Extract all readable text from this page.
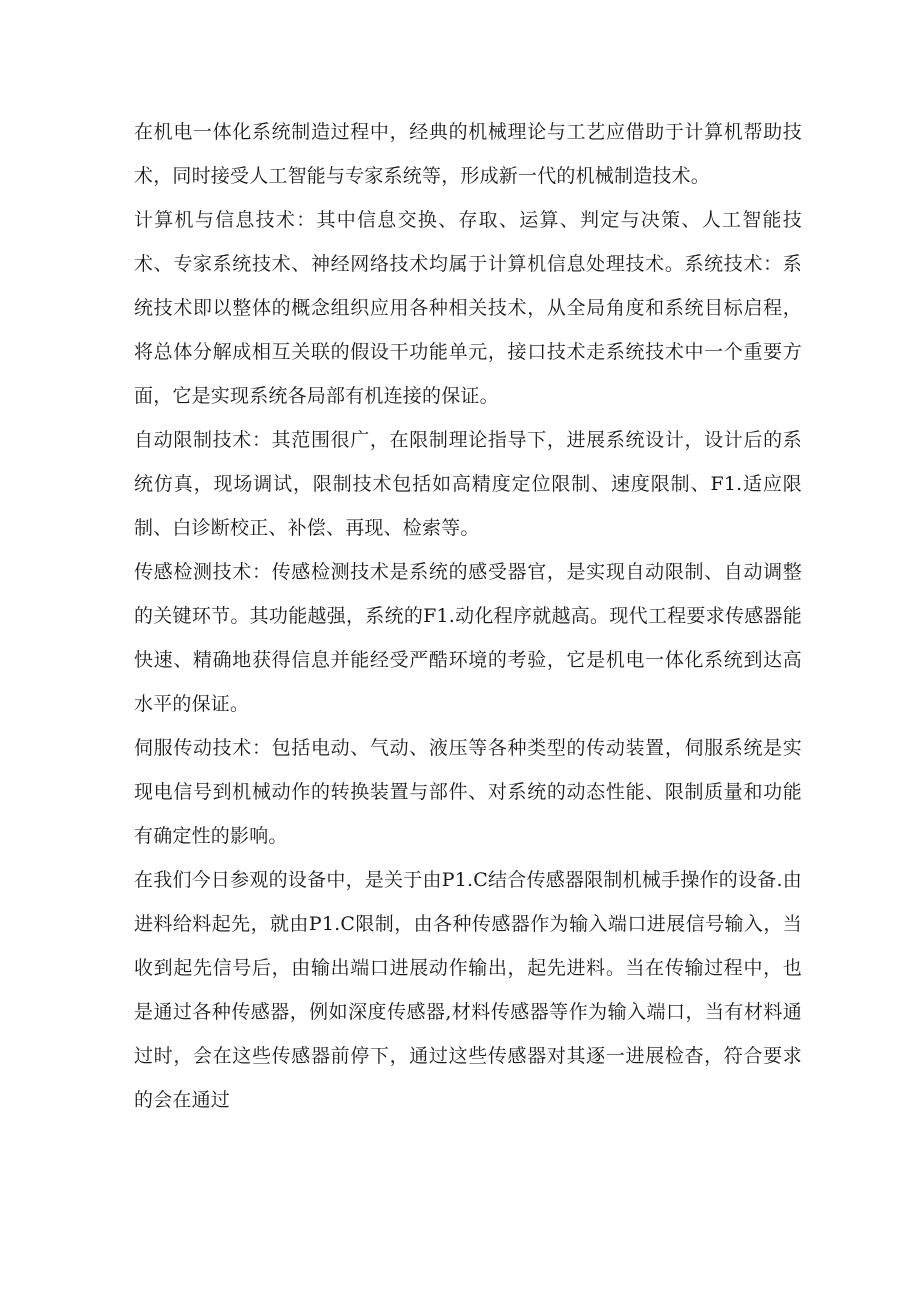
在机电一体化系统制造过程中，经典的机械理论与工艺应借助于计算机帮助技术，同时接受人工智能与专家系统等，形成新一代的机械制造技术。

计算机与信息技术：其中信息交换、存取、运算、判定与决策、人工智能技术、专家系统技术、神经网络技术均属于计算机信息处理技术。系统技术：系统技术即以整体的概念组织应用各种相关技术，从全局角度和系统目标启程，将总体分解成相互关联的假设干功能单元，接口技术走系统技术中一个重要方面，它是实现系统各局部有机连接的保证。

自动限制技术：其范围很广，在限制理论指导下，进展系统设计，设计后的系统仿真，现场调试，限制技术包括如高精度定位限制、速度限制、F1.适应限制、白诊断校正、补偿、再现、检索等。

传感检测技术：传感检测技术是系统的感受器官，是实现自动限制、自动调整的关键环节。其功能越强，系统的F1.动化程序就越高。现代工程要求传感器能快速、精确地获得信息并能经受严酷环境的考验，它是机电一体化系统到达高水平的保证。

伺服传动技术：包括电动、气动、液压等各种类型的传动装置，伺服系统是实现电信号到机械动作的转换装置与部件、对系统的动态性能、限制质量和功能有确定性的影响。

在我们今日参观的设备中，是关于由P1.C结合传感器限制机械手操作的设备.由进料给料起先，就由P1.C限制，由各种传感器作为输入端口进展信号输入，当收到起先信号后，由输出端口进展动作输出，起先进料。当在传输过程中，也是通过各种传感器，例如深度传感器,材料传感器等作为输入端口，当有材料通过时，会在这些传感器前停下，通过这些传感器对其逐一进展检杳，符合要求的会在通过
